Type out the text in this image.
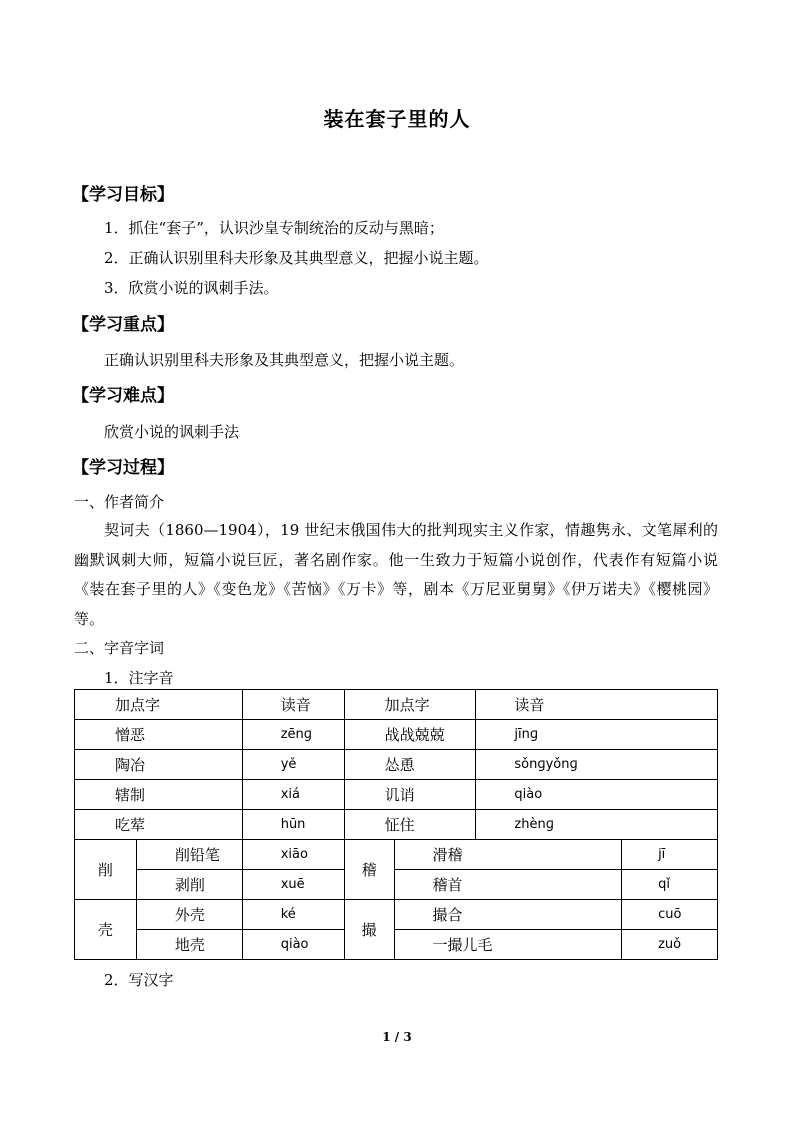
装在套子里的人
【学习目标】
1．抓住“套子”，认识沙皇专制统治的反动与黑暗；
2．正确认识别里科夫形象及其典型意义，把握小说主题。
3．欣赏小说的讽刺手法。
【学习重点】
正确认识别里科夫形象及其典型意义，把握小说主题。
【学习难点】
欣赏小说的讽刺手法
【学习过程】
一、作者简介
契诃夫（1860—1904），19 世纪末俄国伟大的批判现实主义作家，情趣隽永、文笔犀利的幽默讽刺大师，短篇小说巨匠，著名剧作家。他一生致力于短篇小说创作，代表作有短篇小说《装在套子里的人》《变色龙》《苦恼》《万卡》等，剧本《万尼亚舅舅》《伊万诺夫》《樱桃园》等。
二、字音字词
1．注字音
加点字		读音	加点字		读音	
憎恶		zēnɡ	战战兢兢		jīnɡ	
陶冶		yě	怂恿		sǒnɡyǒnɡ	
辖制		xiá	讥诮		qiào	
吃荤		hūn	怔住		zhènɡ	
削	削铅笔	xiāo	稽	滑稽		jī
	剥削	xuē		稽首		qǐ
壳	外壳	ké	撮	撮合		cuō
	地壳	qiào		一撮儿毛		zuǒ
2．写汉字
1 / 3
